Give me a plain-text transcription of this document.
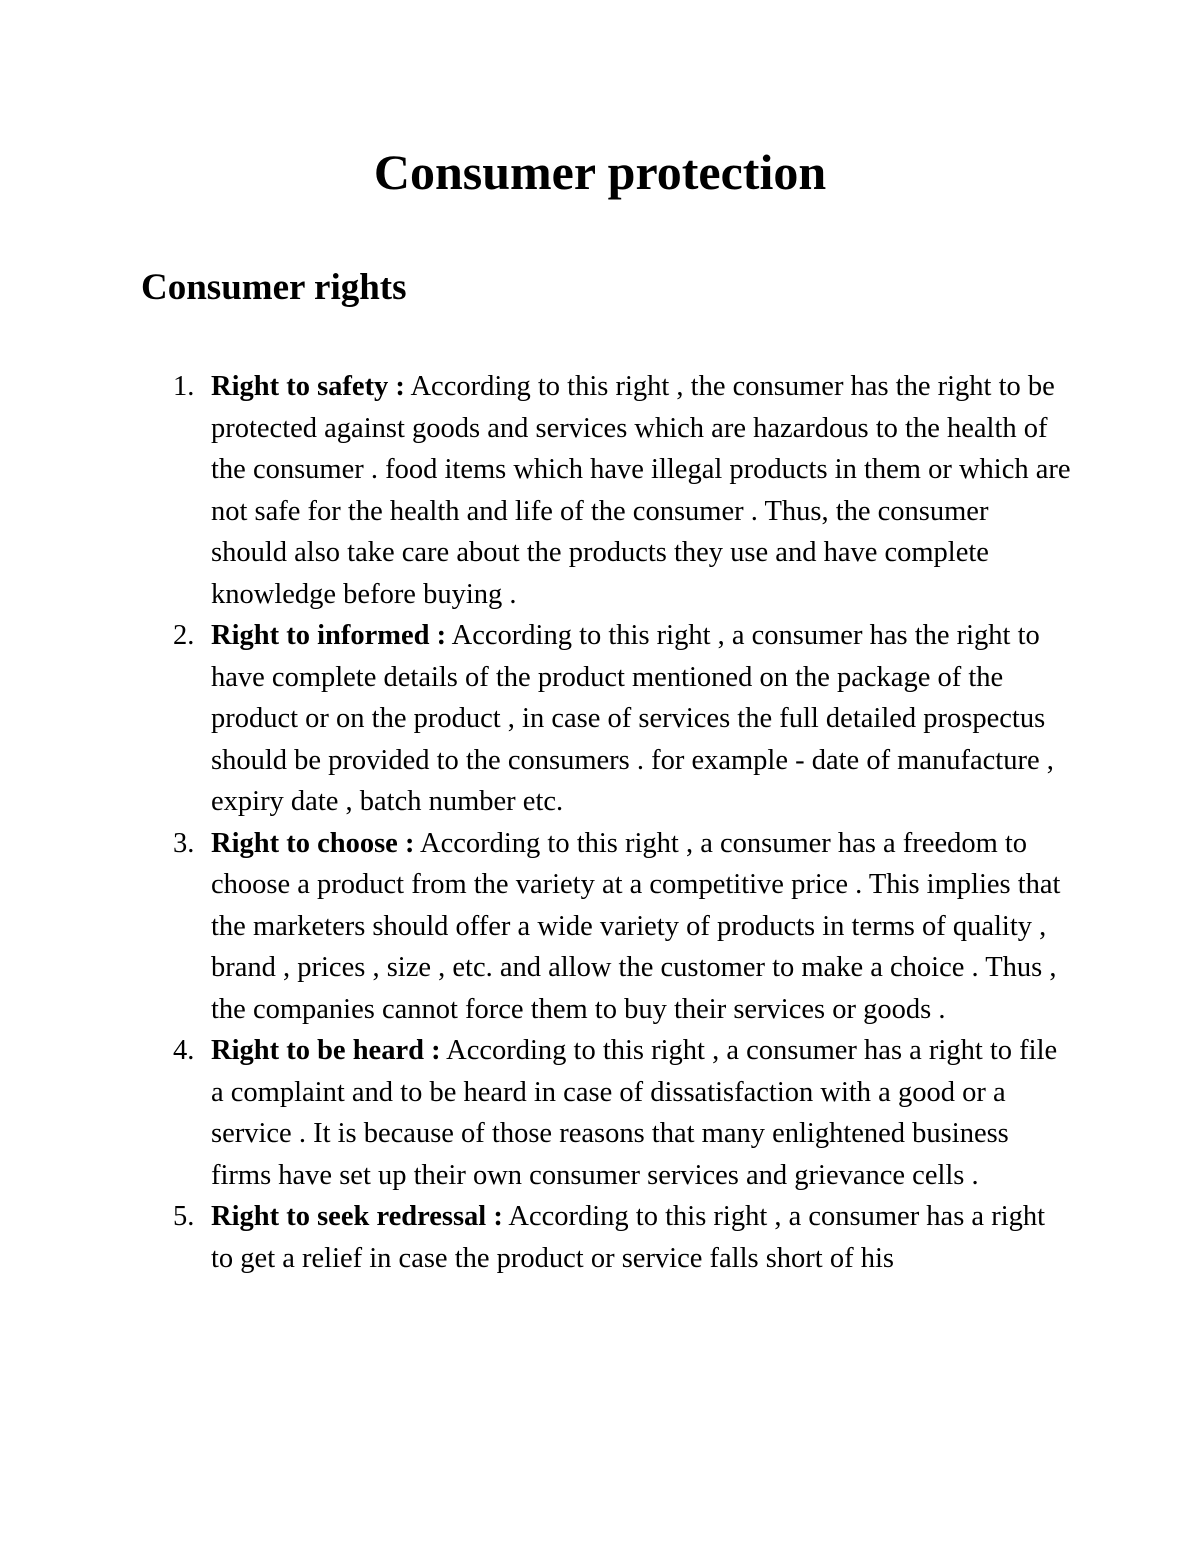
Consumer protection
Consumer rights
1. Right to safety : According to this right , the consumer has the right to be protected against goods and services which are hazardous to the health of the consumer . food items which have illegal products in them or which are not safe for the health and life of the consumer . Thus, the consumer should also take care about the products they use and have complete knowledge before buying .
2. Right to informed : According to this right , a consumer has the right to have complete details of the product mentioned on the package of the product or on the product , in case of services the full detailed prospectus should be provided to the consumers . for example - date of manufacture , expiry date , batch number etc.
3. Right to choose : According to this right , a consumer has a freedom to choose a product from the variety at a competitive price . This implies that the marketers should offer a wide variety of products in terms of quality , brand , prices , size , etc. and allow the customer to make a choice . Thus , the companies cannot force them to buy their services or goods .
4. Right to be heard : According to this right , a consumer has a right to file a complaint and to be heard in case of dissatisfaction with a good or a service . It is because of those reasons that many enlightened business firms have set up their own consumer services and grievance cells .
5. Right to seek redressal : According to this right , a consumer has a right to get a relief in case the product or service falls short of his
